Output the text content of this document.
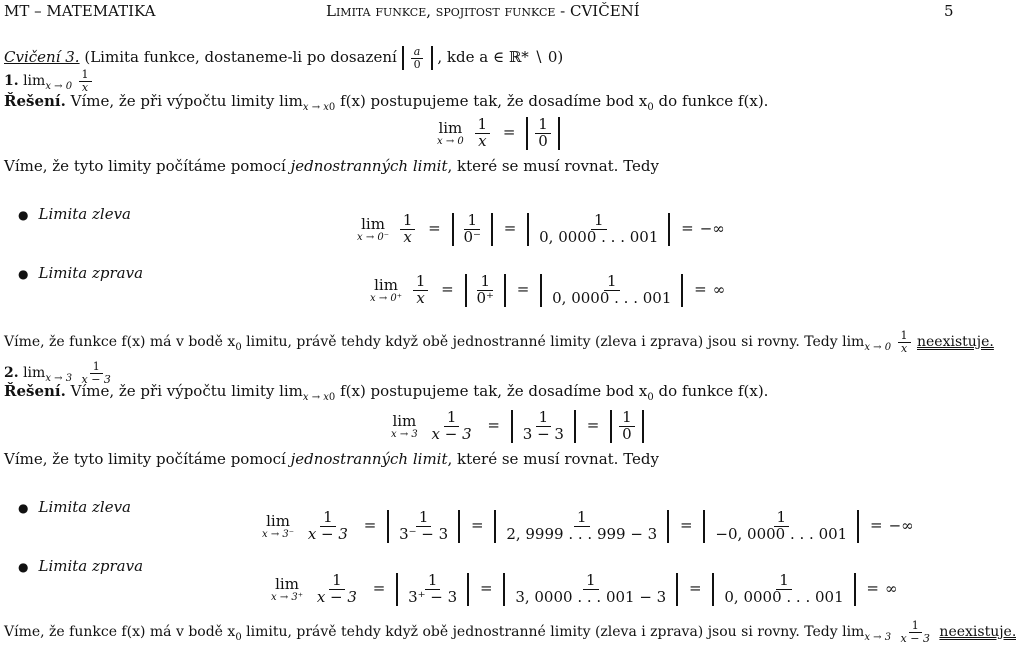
MT – MATEMATIKA	Limita funkce, spojitost funkce - CVIČENÍ	5
Cvičení 3. (Limita funkce, dostaneme-li po dosazení $\frac{a}{0}$ , kde a ∈ ℝ* ∖ 0)
1. $\lim_{x \to 0} \frac{1}{x}$
Řešení. Víme, že při výpočtu limity $\lim_{x \to x0} f(x)$ postupujeme tak, že dosadíme bod $x_0$ do funkce f(x).
lim
x → 0
$\frac{1}{x} = \frac{1}{0}$
Víme, že tyto limity počítáme pomocí jednostranných limit, které se musí rovnat. Tedy
● Limita zleva
● Limita zprava
lim
x → 0⁻
$\frac{1}{x} = \frac{1}{0^-} = \frac{1}{0, 0000 . . . 001}$ = −∞
lim
x → 0⁺
$\frac{1}{x} = \frac{1}{0^+} = \frac{1}{0, 0000 . . . 001}$ = ∞
Víme, že funkce f(x) má v bodě $x_0$ limitu, právě tehdy když obě jednostranné limity (zleva i zprava) jsou si rovny. Tedy $\lim_{x \to 0} \frac{1}{x}$ neexistuje.
2. $\lim_{x \to 3} \frac{1}{x - 3}$
Řešení. Víme, že při výpočtu limity $\lim_{x \to x0} f(x)$ postupujeme tak, že dosadíme bod $x_0$ do funkce f(x).
lim
x → 3
$\frac{1}{x - 3} = \frac{1}{3 - 3} = \frac{1}{0}$
Víme, že tyto limity počítáme pomocí jednostranných limit, které se musí rovnat. Tedy
● Limita zleva
● Limita zprava
lim
x → 3⁻
$\frac{1}{x - 3} = \frac{1}{3^- - 3} = \frac{1}{2, 9999 . . . 999 - 3} = \frac{1}{-0, 0000 . . . 001}$ = −∞
lim
x → 3⁺
$\frac{1}{x - 3} = \frac{1}{3^+ - 3} = \frac{1}{3, 0000 . . . 001 - 3} = \frac{1}{0, 0000 . . . 001}$ = ∞
Víme, že funkce f(x) má v bodě $x_0$ limitu, právě tehdy když obě jednostranné limity (zleva i zprava) jsou si rovny. Tedy $\lim_{x \to 3} \frac{1}{x - 3}$ neexistuje.
